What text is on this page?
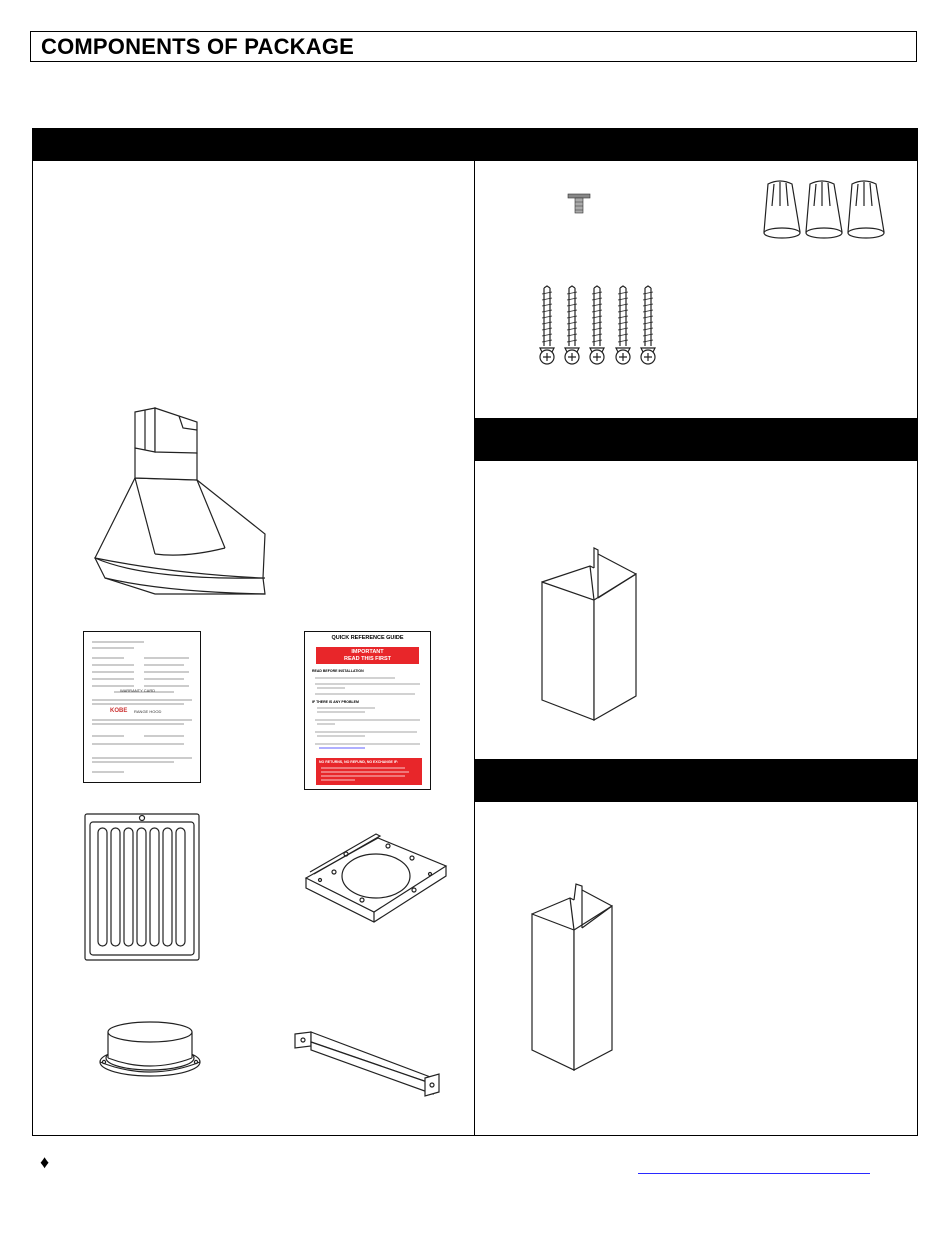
COMPONENTS OF PACKAGE
KOBE RANGE HOOD
WARRANTY CARD
QUICK REFERENCE GUIDE
IMPORTANT
READ THIS FIRST
READ BEFORE INSTALLATION
IF THERE IS ANY PROBLEM
NO RETURNS, NO REFUND, NO EXCHANGE IF:
♦
